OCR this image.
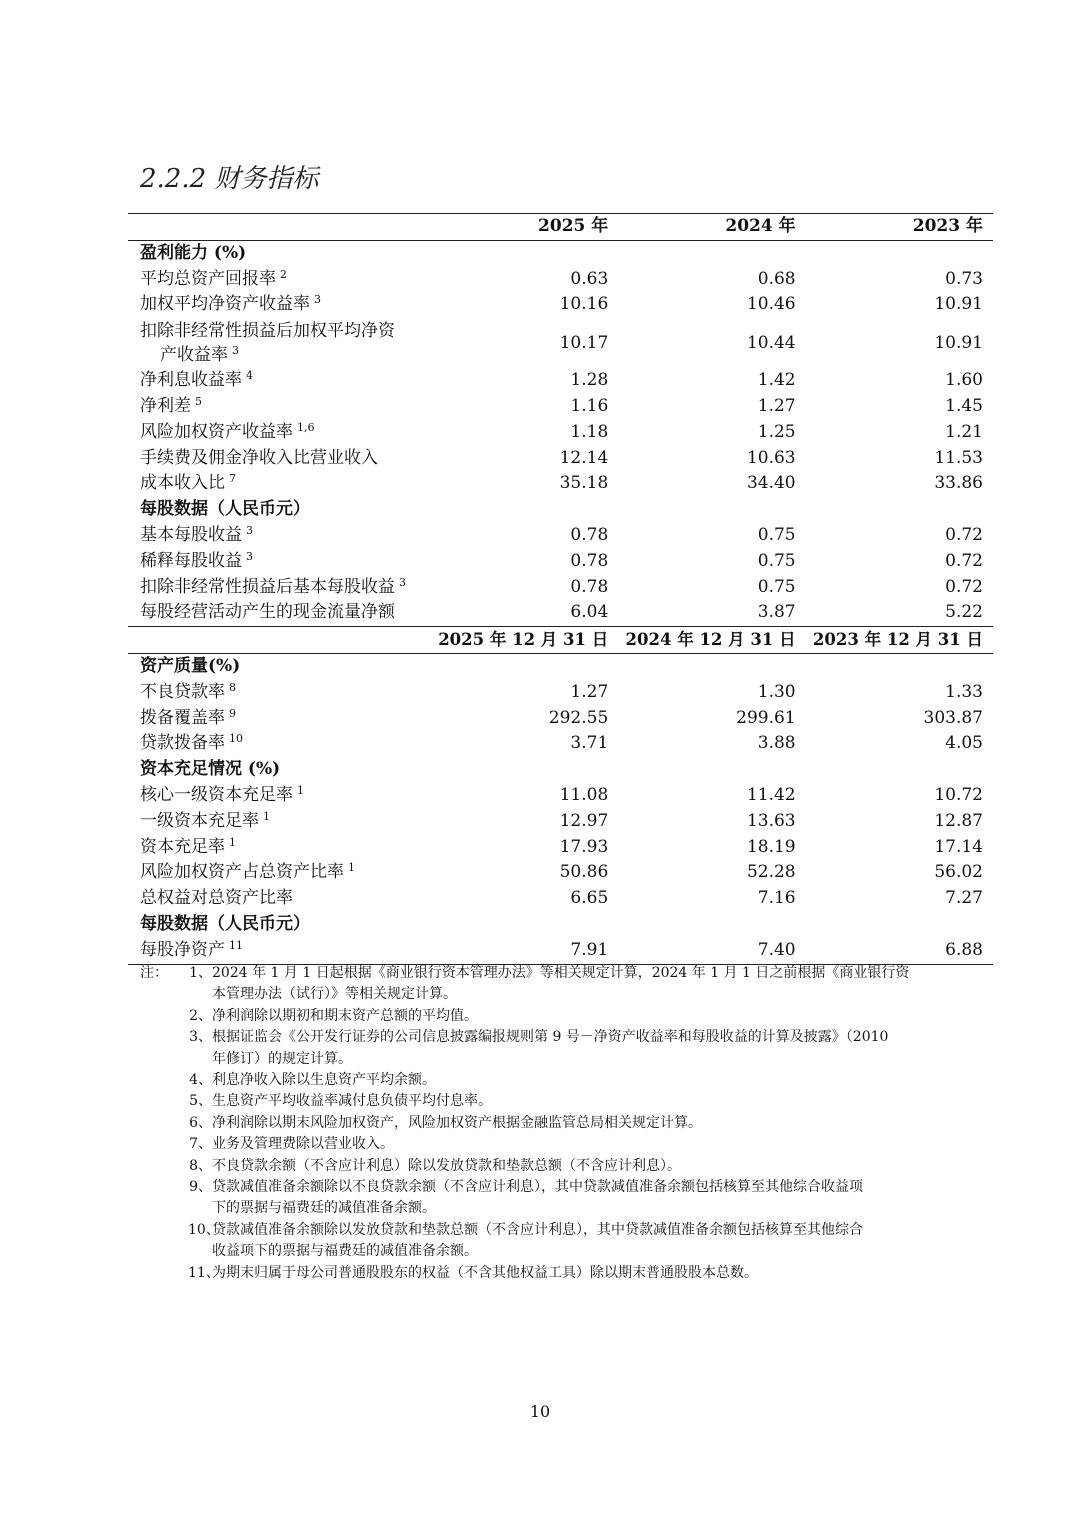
2.2.2 财务指标
	2025 年	2024 年	2023 年
盈利能力 (%)			
平均总资产回报率 $^2$	0.63	0.68	0.73
加权平均净资产收益率 $^3$	10.16	10.46	10.91

扣除非经常性损益后加权平均净资
产收益率 $^3$	10.17	10.44	10.91
净利息收益率 $^4$	1.28	1.42	1.60
净利差 $^5$	1.16	1.27	1.45
风险加权资产收益率 $^{1,6}$	1.18	1.25	1.21
手续费及佣金净收入比营业收入	12.14	10.63	11.53
成本收入比 $^7$	35.18	34.40	33.86
每股数据（人民币元）			
基本每股收益 $^3$	0.78	0.75	0.72
稀释每股收益 $^3$	0.78	0.75	0.72
扣除非经常性损益后基本每股收益 $^3$	0.78	0.75	0.72
每股经营活动产生的现金流量净额	6.04	3.87	5.22
	2025 年 12 月 31 日	2024 年 12 月 31 日	2023 年 12 月 31 日
资产质量(%)			
不良贷款率 $^8$	1.27	1.30	1.33
拨备覆盖率 $^9$	292.55	299.61	303.87
贷款拨备率 $^{10}$	3.71	3.88	4.05
资本充足情况 (%)			
核心一级资本充足率 $^1$	11.08	11.42	10.72
一级资本充足率 $^1$	12.97	13.63	12.87
资本充足率 $^1$	17.93	18.19	17.14
风险加权资产占总资产比率 $^1$	50.86	52.28	56.02
总权益对总资产比率	6.65	7.16	7.27
每股数据（人民币元）			
每股净资产 $^{11}$	7.91	7.40	6.88
注：	1、 2024 年 1 月 1 日起根据《商业银行资本管理办法》等相关规定计算，2024 年 1 月 1 日之前根据《商业银行资
本管理办法（试行）》等相关规定计算。
2、 净利润除以期初和期末资产总额的平均值。
3、 根据证监会《公开发行证券的公司信息披露编报规则第 9 号－净资产收益率和每股收益的计算及披露》（2010
年修订）的规定计算。
4、 利息净收入除以生息资产平均余额。
5、 生息资产平均收益率减付息负债平均付息率。
6、 净利润除以期末风险加权资产，风险加权资产根据金融监管总局相关规定计算。
7、 业务及管理费除以营业收入。
8、 不良贷款余额（不含应计利息）除以发放贷款和垫款总额（不含应计利息）。
9、 贷款减值准备余额除以不良贷款余额（不含应计利息），其中贷款减值准备余额包括核算至其他综合收益项
下的票据与福费廷的减值准备余额。
10、
贷款减值准备余额除以发放贷款和垫款总额（不含应计利息），其中贷款减值准备余额包括核算至其他综合
收益项下的票据与福费廷的减值准备余额。
11、
为期末归属于母公司普通股股东的权益（不含其他权益工具）除以期末普通股股本总数。
10
